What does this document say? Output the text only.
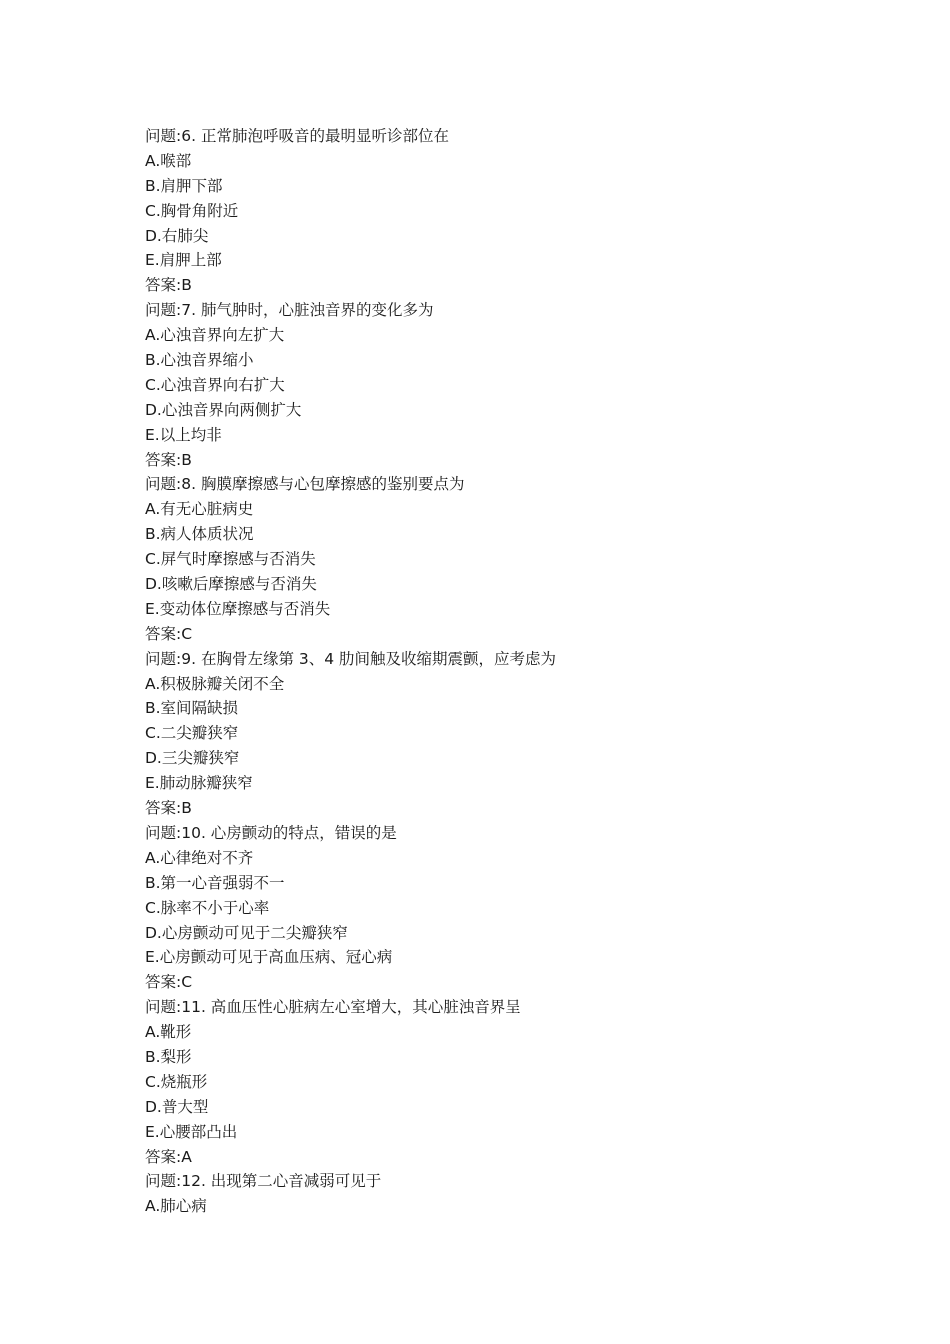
问题:6. 正常肺泡呼吸音的最明显听诊部位在
A.喉部
B.肩胛下部
C.胸骨角附近
D.右肺尖
E.肩胛上部
答案:B
问题:7. 肺气肿时，心脏浊音界的变化多为
A.心浊音界向左扩大
B.心浊音界缩小
C.心浊音界向右扩大
D.心浊音界向两侧扩大
E.以上均非
答案:B
问题:8. 胸膜摩擦感与心包摩擦感的鉴别要点为
A.有无心脏病史
B.病人体质状况
C.屏气时摩擦感与否消失
D.咳嗽后摩擦感与否消失
E.变动体位摩擦感与否消失
答案:C
问题:9. 在胸骨左缘第 3、4 肋间触及收缩期震颤，应考虑为
A.积极脉瓣关闭不全
B.室间隔缺损
C.二尖瓣狭窄
D.三尖瓣狭窄
E.肺动脉瓣狭窄
答案:B
问题:10. 心房颤动的特点，错误的是
A.心律绝对不齐
B.第一心音强弱不一
C.脉率不小于心率
D.心房颤动可见于二尖瓣狭窄
E.心房颤动可见于高血压病、冠心病
答案:C
问题:11. 高血压性心脏病左心室增大，其心脏浊音界呈
A.靴形
B.梨形
C.烧瓶形
D.普大型
E.心腰部凸出
答案:A
问题:12. 出现第二心音减弱可见于
A.肺心病
